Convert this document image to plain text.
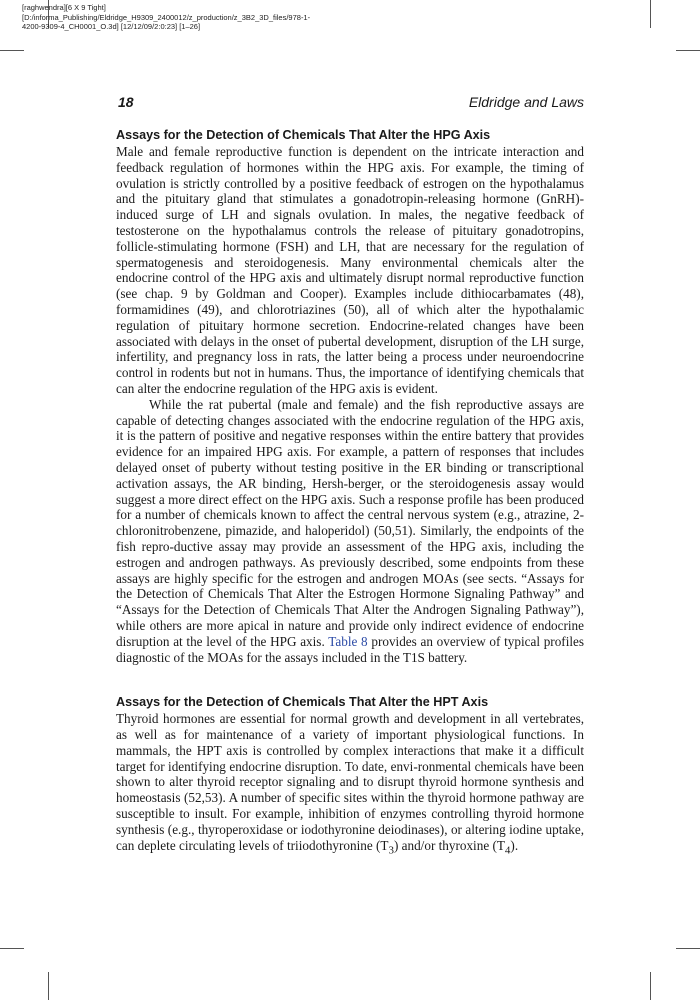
[raghwendra][6 X 9 Tight][D:/informa_Publishing/Eldridge_H9309_2400012/z_production/z_3B2_3D_files/978-1-4200-9309-4_CH0001_O.3d] [12/12/09/2:0:23] [1–26]
18	Eldridge and Laws
Assays for the Detection of Chemicals That Alter the HPG Axis

Male and female reproductive function is dependent on the intricate interaction and feedback regulation of hormones within the HPG axis. For example, the timing of ovulation is strictly controlled by a positive feedback of estrogen on the hypothalamus and the pituitary gland that stimulates a gonadotropin-releasing hormone (GnRH)-induced surge of LH and signals ovulation. In males, the negative feedback of testosterone on the hypothalamus controls the release of pituitary gonadotropins, follicle-stimulating hormone (FSH) and LH, that are necessary for the regulation of spermatogenesis and steroidogenesis. Many environmental chemicals alter the endocrine control of the HPG axis and ultimately disrupt normal reproductive function (see chap. 9 by Goldman and Cooper). Examples include dithiocarbamates (48), formamidines (49), and chlorotriazines (50), all of which alter the hypothalamic regulation of pituitary hormone secretion. Endocrine-related changes have been associated with delays in the onset of pubertal development, disruption of the LH surge, infertility, and pregnancy loss in rats, the latter being a process under neuroendocrine control in rodents but not in humans. Thus, the importance of identifying chemicals that can alter the endocrine regulation of the HPG axis is evident.

While the rat pubertal (male and female) and the fish reproductive assays are capable of detecting changes associated with the endocrine regulation of the HPG axis, it is the pattern of positive and negative responses within the entire battery that provides evidence for an impaired HPG axis. For example, a pattern of responses that includes delayed onset of puberty without testing positive in the ER binding or transcriptional activation assays, the AR binding, Hersh-berger, or the steroidogenesis assay would suggest a more direct effect on the HPG axis. Such a response profile has been produced for a number of chemicals known to affect the central nervous system (e.g., atrazine, 2-chloronitrobenzene, pimazide, and haloperidol) (50,51). Similarly, the endpoints of the fish repro-ductive assay may provide an assessment of the HPG axis, including the estrogen and androgen pathways. As previously described, some endpoints from these assays are highly specific for the estrogen and androgen MOAs (see sects. “Assays for the Detection of Chemicals That Alter the Estrogen Hormone Signaling Pathway” and “Assays for the Detection of Chemicals That Alter the Androgen Signaling Pathway”), while others are more apical in nature and provide only indirect evidence of endocrine disruption at the level of the HPG axis. Table 8 provides an overview of typical profiles diagnostic of the MOAs for the assays included in the T1S battery.

Assays for the Detection of Chemicals That Alter the HPT Axis

Thyroid hormones are essential for normal growth and development in all vertebrates, as well as for maintenance of a variety of important physiological functions. In mammals, the HPT axis is controlled by complex interactions that make it a difficult target for identifying endocrine disruption. To date, envi-ronmental chemicals have been shown to alter thyroid receptor signaling and to disrupt thyroid hormone synthesis and homeostasis (52,53). A number of specific sites within the thyroid hormone pathway are susceptible to insult. For example, inhibition of enzymes controlling thyroid hormone synthesis (e.g., thyroperoxidase or iodothyronine deiodinases), or altering iodine uptake, can deplete circulating levels of triiodothyronine $(T_3)$ and/or thyroxine $(T_4)$.
